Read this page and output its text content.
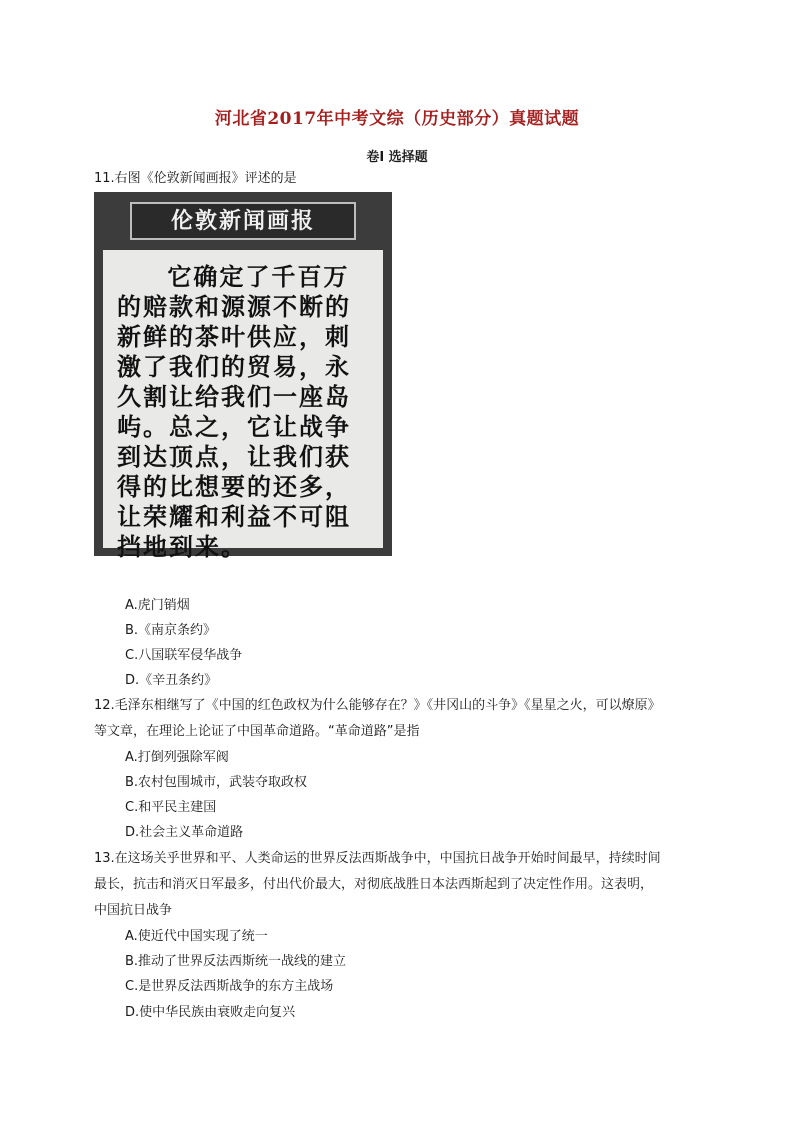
河北省2017年中考文综（历史部分）真题试题
卷Ⅰ 选择题
11.右图《伦敦新闻画报》评述的是
伦敦新闻画报

它确定了千百万的赔款和源源不断的新鲜的茶叶供应，刺激了我们的贸易，永久割让给我们一座岛屿。总之，它让战争到达顶点，让我们获得的比想要的还多，让荣耀和利益不可阻挡地到来。

A.虎门销烟
B.《南京条约》
C.八国联军侵华战争
D.《辛丑条约》
12.毛泽东相继写了《中国的红色政权为什么能够存在？》《井冈山的斗争》《星星之火，可以燎原》
等文章，在理论上论证了中国革命道路。“革命道路”是指
A.打倒列强除军阀
B.农村包围城市，武装夺取政权
C.和平民主建国
D.社会主义革命道路
13.在这场关乎世界和平、人类命运的世界反法西斯战争中，中国抗日战争开始时间最早，持续时间
最长，抗击和消灭日军最多，付出代价最大，对彻底战胜日本法西斯起到了决定性作用。这表明，
中国抗日战争
A.使近代中国实现了统一
B.推动了世界反法西斯统一战线的建立
C.是世界反法西斯战争的东方主战场
D.使中华民族由衰败走向复兴
